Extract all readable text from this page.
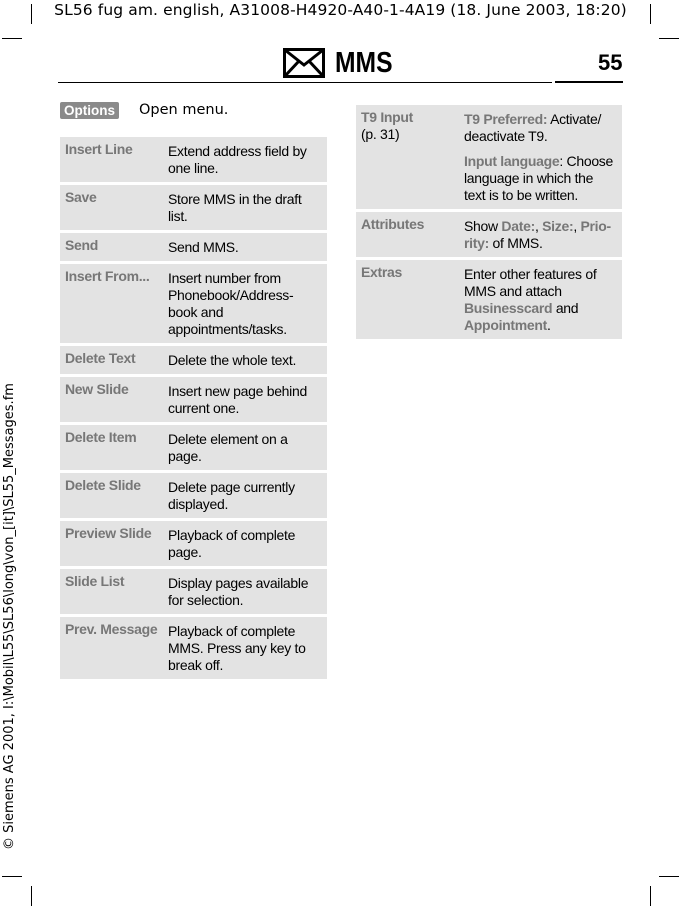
SL56 fug am. english, A31008-H4920-A40-1-4A19 (18. June 2003, 18:20)
© Siemens AG 2001, I:\Mobil\L55\SL56\long\von_[it]\SL55_Messages.fm
MMS	55
Options Open menu.
Insert Line	Extend address field by one line.
Save	Store MMS in the draft list.
Send	Send MMS.
Insert From...	Insert number from Phonebook/Address-book and appointments/tasks.
Delete Text	Delete the whole text.
New Slide	Insert new page behind current one.
Delete Item	Delete element on a page.
Delete Slide	Delete page currently displayed.
Preview Slide	Playback of complete page.
Slide List	Display pages available for selection.
Prev. Message	Playback of complete MMS. Press any key to break off.
T9 Input
(p. 31)	T9 Preferred: Activate/ deactivate T9.
Input language: Choose language in which the text is to be written.

Attributes	Show Date:, Size:, Prio-rity: of MMS.
Extras	Enter other features of MMS and attach Businesscard and Appointment.
